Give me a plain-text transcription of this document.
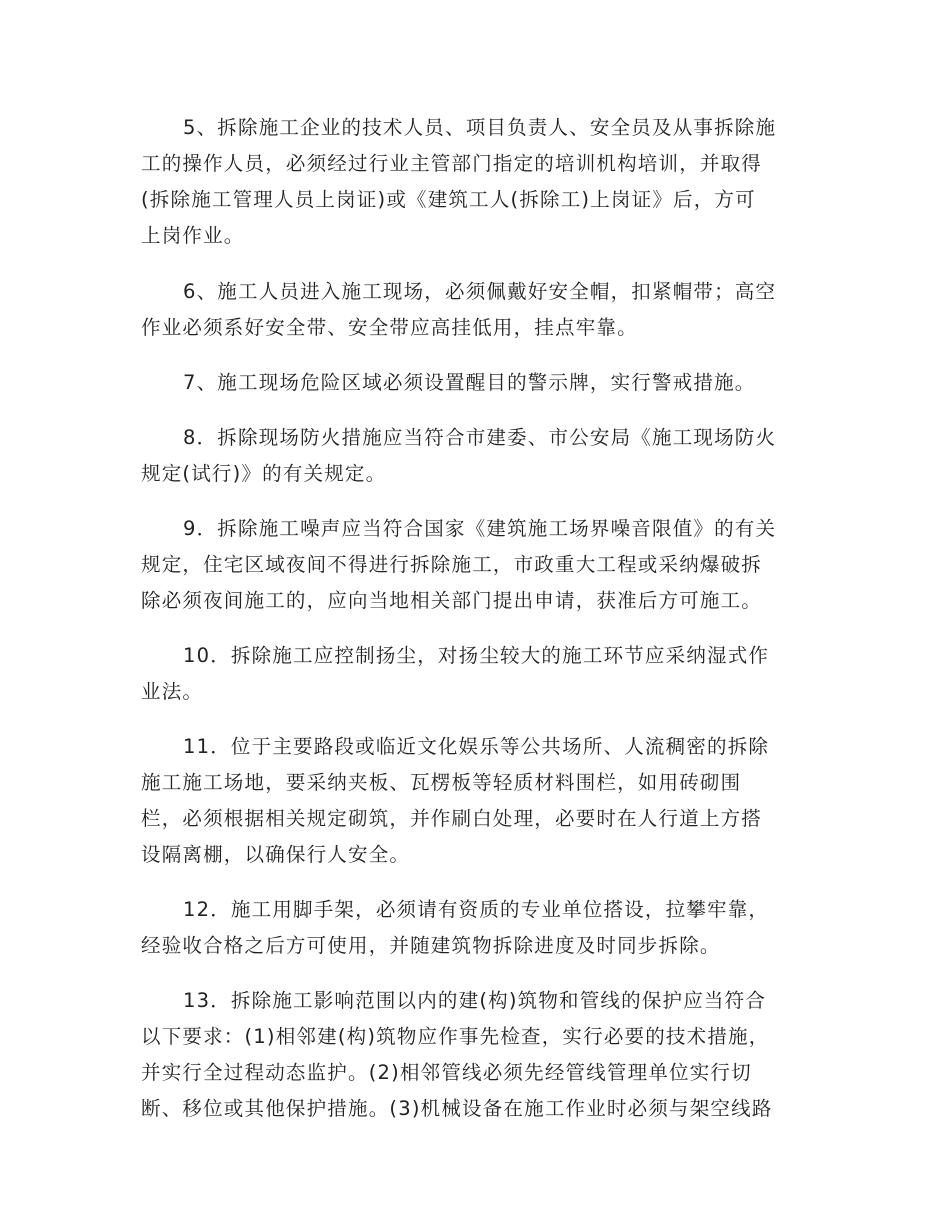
5、拆除施工企业的技术人员、项目负责人、安全员及从事拆除施
工的操作人员，必须经过行业主管部门指定的培训机构培训，并取得
(拆除施工管理人员上岗证)或《建筑工人(拆除工)上岗证》后，方可
上岗作业。
6、施工人员进入施工现场，必须佩戴好安全帽，扣紧帽带；高空
作业必须系好安全带、安全带应高挂低用，挂点牢靠。
7、施工现场危险区域必须设置醒目的警示牌，实行警戒措施。
8．拆除现场防火措施应当符合市建委、市公安局《施工现场防火
规定(试行)》的有关规定。
9．拆除施工噪声应当符合国家《建筑施工场界噪音限值》的有关
规定，住宅区域夜间不得进行拆除施工，市政重大工程或采纳爆破拆
除必须夜间施工的，应向当地相关部门提出申请，获准后方可施工。
10．拆除施工应控制扬尘，对扬尘较大的施工环节应采纳湿式作
业法。
11．位于主要路段或临近文化娱乐等公共场所、人流稠密的拆除
施工施工场地，要采纳夹板、瓦楞板等轻质材料围栏，如用砖砌围
栏，必须根据相关规定砌筑，并作刷白处理，必要时在人行道上方搭
设隔离棚，以确保行人安全。
12．施工用脚手架，必须请有资质的专业单位搭设，拉攀牢靠，
经验收合格之后方可使用，并随建筑物拆除进度及时同步拆除。
13．拆除施工影响范围以内的建(构)筑物和管线的保护应当符合
以下要求：(1)相邻建(构)筑物应作事先检查，实行必要的技术措施，
并实行全过程动态监护。(2)相邻管线必须先经管线管理单位实行切
断、移位或其他保护措施。(3)机械设备在施工作业时必须与架空线路
